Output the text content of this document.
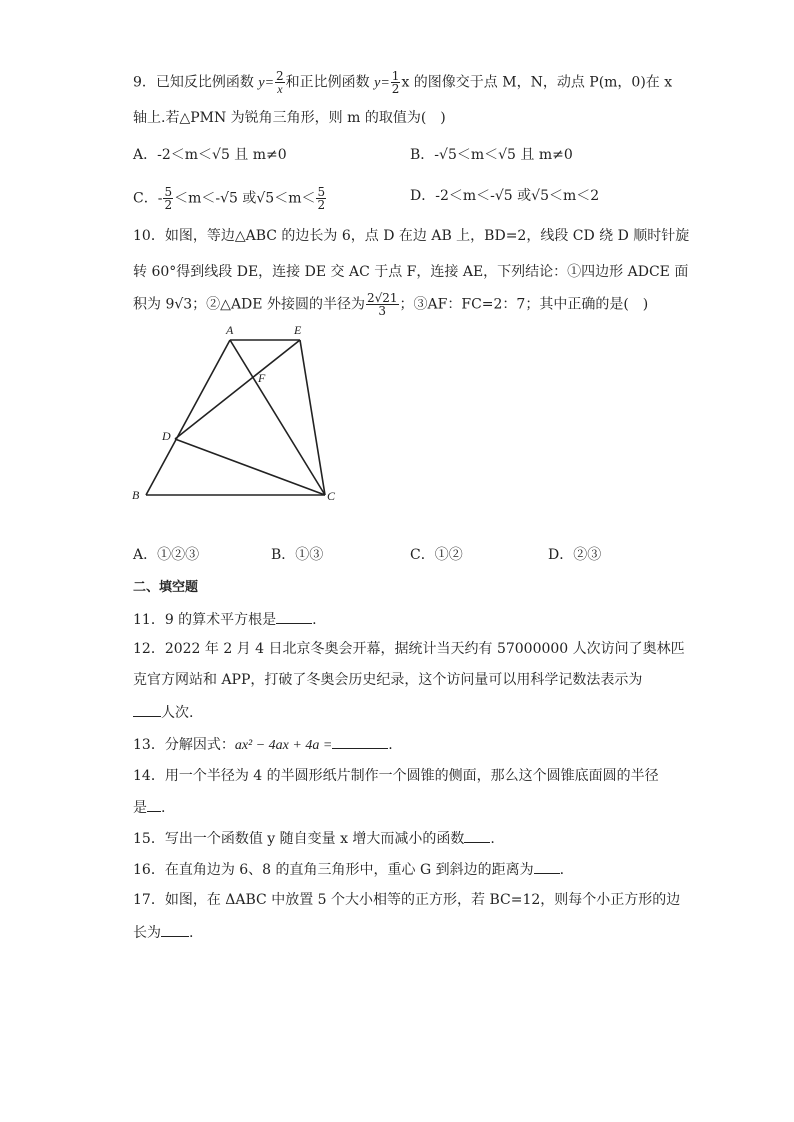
9．已知反比例函数 $y= \frac{2}{x}$ 和正比例函数 $y= \frac{1}{2}$ x 的图像交于点 M，N，动点 P(m，0)在 x
轴上.若△PMN 为锐角三角形，则 m 的取值为(　)
A．-2＜m＜√5 且 m≠0	B．-√5＜m＜√5 且 m≠0
C．- $\frac{5}{2} <m<-√5$ 或$√5<m< \frac{5}{2}$	D．-2＜m＜-√5 或√5＜m＜2
10．如图，等边△ABC 的边长为 6，点 D 在边 AB 上，BD=2，线段 CD 绕 D 顺时针旋
转 60°得到线段 DE，连接 DE 交 AC 于点 F，连接 AE，下列结论：①四边形 ADCE 面
积为 9√3；②△ADE 外接圆的半径为 $\frac{2√21}{3}$ ；③AF：FC=2：7；其中正确的是(　)
A	E
F
D
B	C
A．①②③	B．①③	C．①②	D．②③
二、填空题
11．9 的算术平方根是	.
12．2022 年 2 月 4 日北京冬奥会开幕，据统计当天约有 57000000 人次访问了奥林匹
克官方网站和 APP，打破了冬奥会历史纪录，这个访问量可以用科学记数法表示为
人次.
13．分解因式：ax² − 4ax + 4a =	.
14．用一个半径为 4 的半圆形纸片制作一个圆锥的侧面，那么这个圆锥底面圆的半径
是 .
15．写出一个函数值 y 随自变量 x 增大而减小的函数 .
16．在直角边为 6、8 的直角三角形中，重心 G 到斜边的距离为 .
17．如图，在 ΔABC 中放置 5 个大小相等的正方形，若 BC=12，则每个小正方形的边
长为 .
